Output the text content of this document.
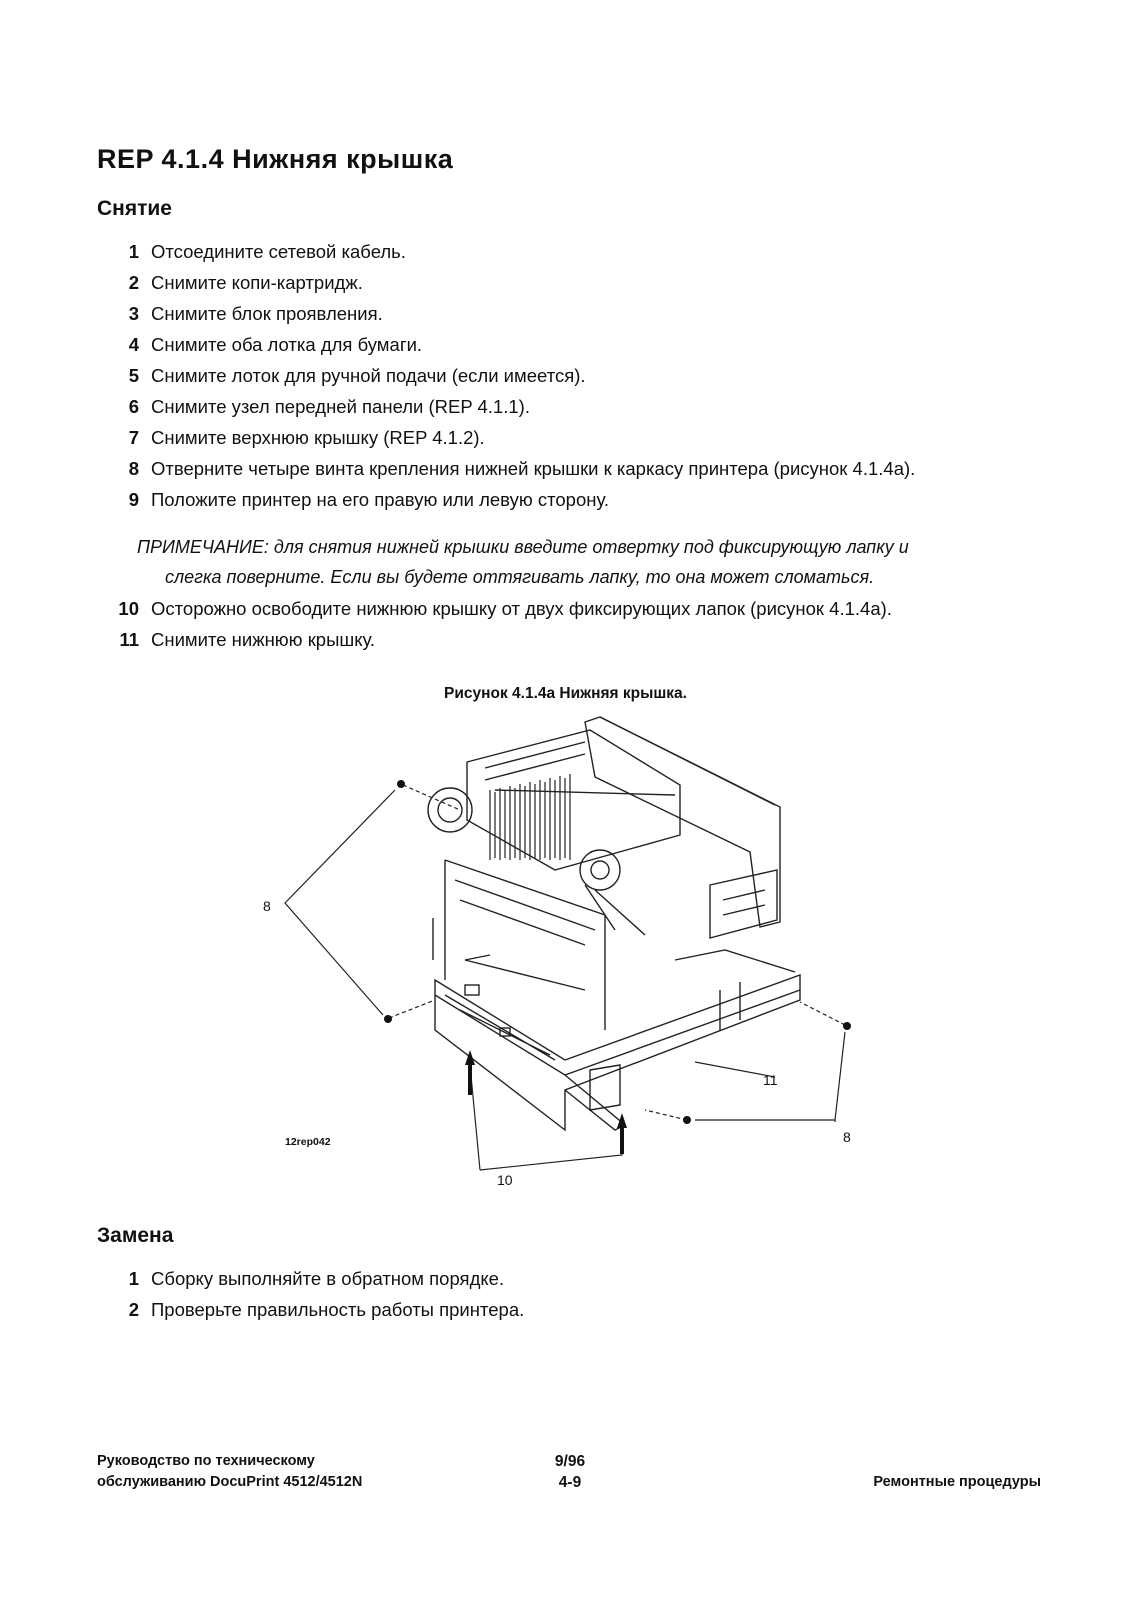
REP 4.1.4 Нижняя крышка
Снятие
1 Отсоедините сетевой кабель.
2 Снимите копи-картридж.
3 Снимите блок проявления.
4 Снимите оба лотка для бумаги.
5 Снимите лоток для ручной подачи (если имеется).
6 Снимите узел передней панели (REP 4.1.1).
7 Снимите верхнюю крышку (REP 4.1.2).
8 Отверните четыре винта крепления нижней крышки к каркасу принтера (рисунок 4.1.4a).
9 Положите принтер на его правую или левую сторону.

ПРИМЕЧАНИЕ: для снятия нижней крышки введите отвертку под фиксирующую лапку и
слегка поверните. Если вы будете оттягивать лапку, то она может сломаться.

10 Осторожно освободите нижнюю крышку от двух фиксирующих лапок (рисунок 4.1.4a).
11 Снимите нижнюю крышку.

Рисунок 4.1.4a Нижняя крышка.

8
8
11
10
12rep042
Замена
1 Сборку выполняйте в обратном порядке.
2 Проверьте правильность работы принтера.
Руководство по техническому
обслуживанию DocuPrint 4512/4512N
9/96
4-9	Ремонтные процедуры
